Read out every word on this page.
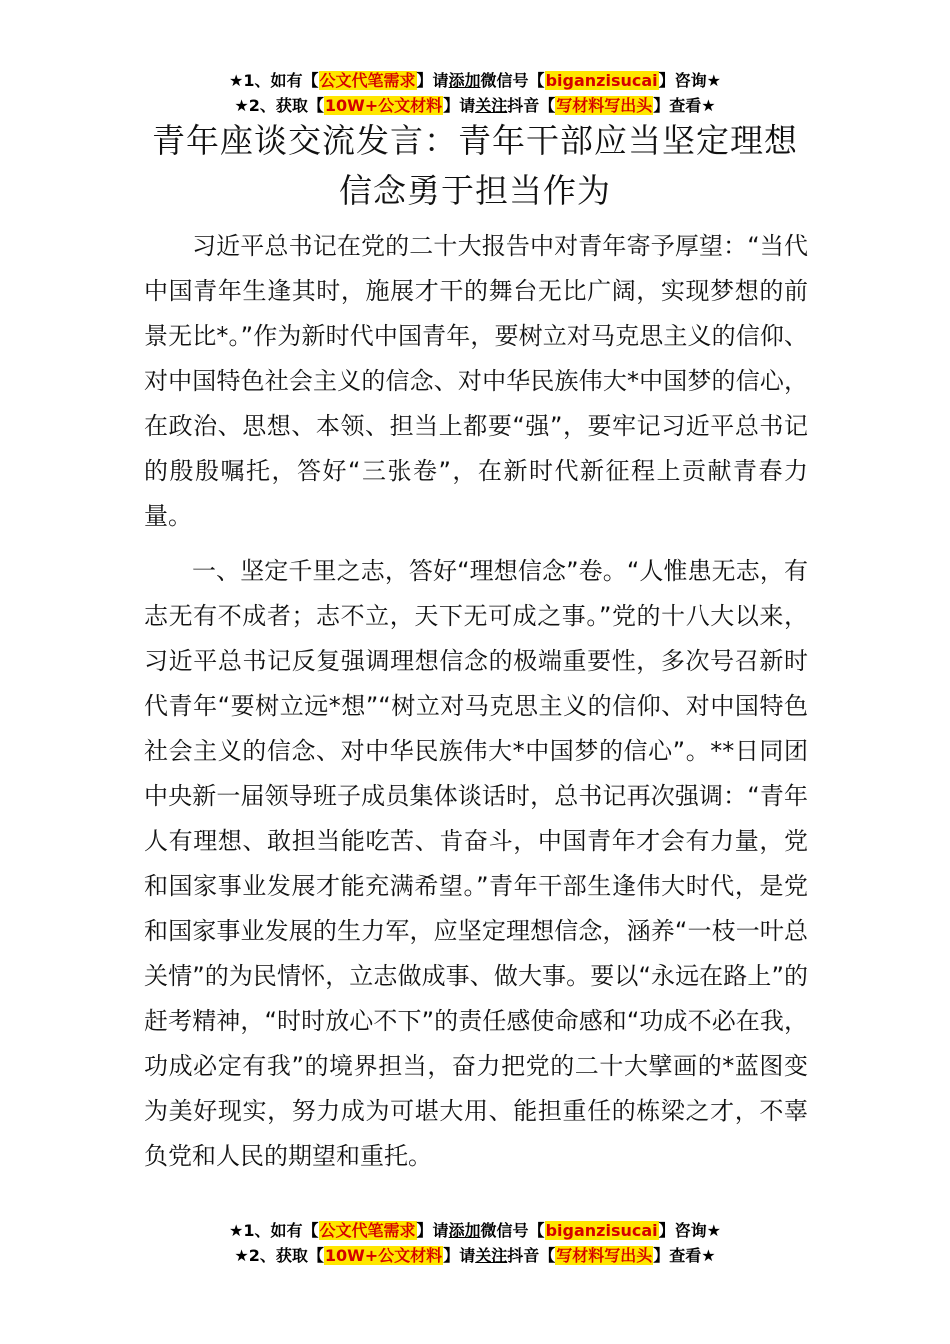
★1、如有【公文代笔需求】请添加微信号【biganzisucai】咨询★
★2、获取【10W+公文材料】请关注抖音【写材料写出头】查看★
青年座谈交流发言：青年干部应当坚定理想
信念勇于担当作为

习近平总书记在党的二十大报告中对青年寄予厚望：“当代中国青年生逢其时，施展才干的舞台无比广阔，实现梦想的前景无比*。”作为新时代中国青年，要树立对马克思主义的信仰、对中国特色社会主义的信念、对中华民族伟大*中国梦的信心，在政治、思想、本领、担当上都要“强”，要牢记习近平总书记的殷殷嘱托，答好“三张卷”，在新时代新征程上贡献青春力量。

一、坚定千里之志，答好“理想信念”卷。“人惟患无志，有志无有不成者；志不立，天下无可成之事。”党的十八大以来，习近平总书记反复强调理想信念的极端重要性，多次号召新时代青年“要树立远*想”“树立对马克思主义的信仰、对中国特色社会主义的信念、对中华民族伟大*中国梦的信心”。**日同团中央新一届领导班子成员集体谈话时，总书记再次强调：“青年人有理想、敢担当能吃苦、肯奋斗，中国青年才会有力量，党和国家事业发展才能充满希望。”青年干部生逢伟大时代，是党和国家事业发展的生力军，应坚定理想信念，涵养“一枝一叶总关情”的为民情怀，立志做成事、做大事。要以“永远在路上”的赶考精神，“时时放心不下”的责任感使命感和“功成不必在我，功成必定有我”的境界担当，奋力把党的二十大擘画的*蓝图变为美好现实，努力成为可堪大用、能担重任的栋梁之才，不辜负党和人民的期望和重托。

★1、如有【公文代笔需求】请添加微信号【biganzisucai】咨询★
★2、获取【10W+公文材料】请关注抖音【写材料写出头】查看★
